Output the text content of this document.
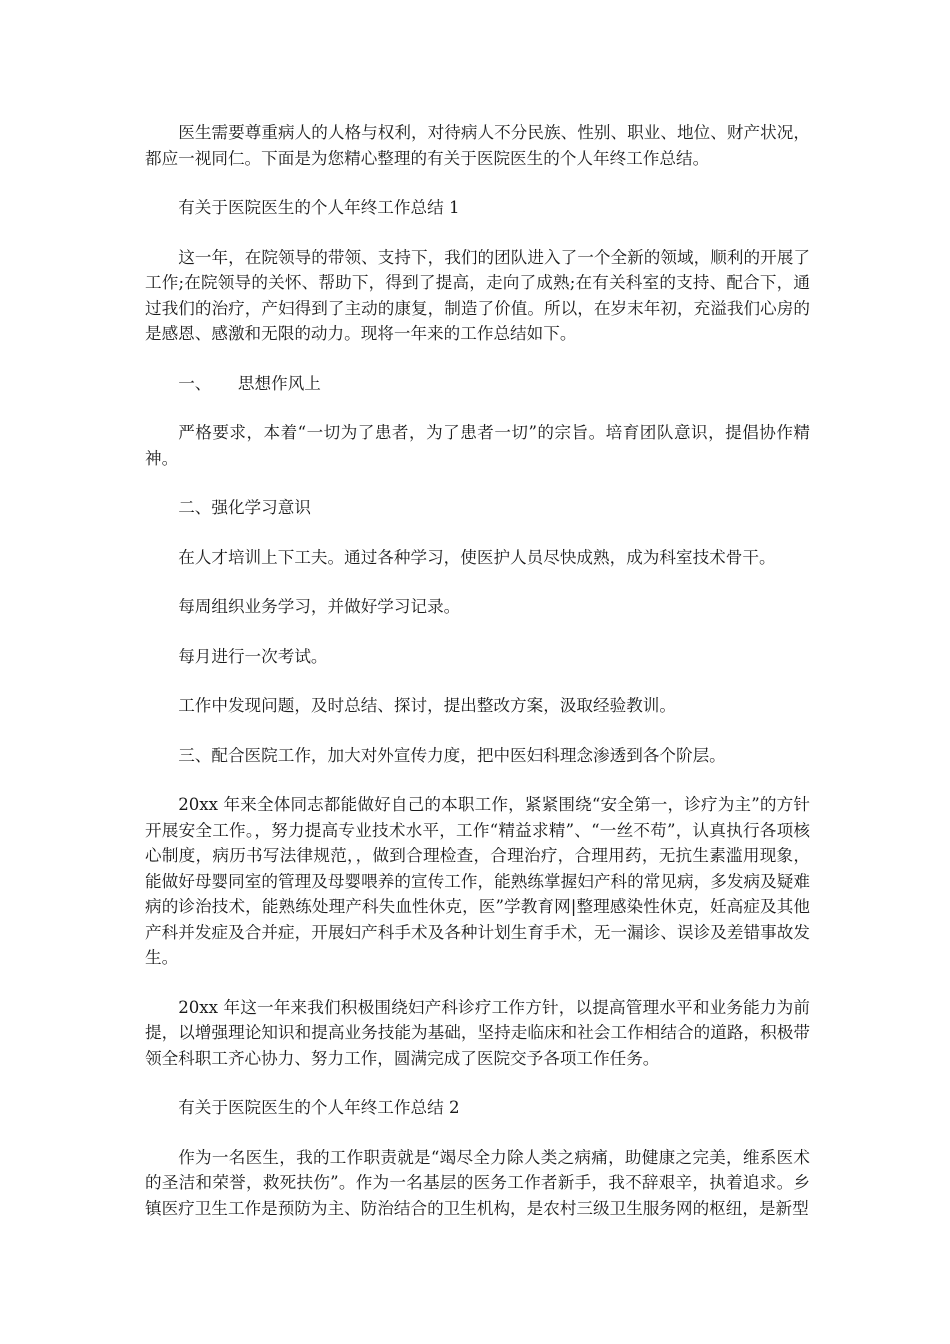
医生需要尊重病人的人格与权利，对待病人不分民族、性别、职业、地位、财产状况，都应一视同仁。下面是为您精心整理的有关于医院医生的个人年终工作总结。

有关于医院医生的个人年终工作总结 1

这一年，在院领导的带领、支持下，我们的团队进入了一个全新的领域，顺利的开展了工作;在院领导的关怀、帮助下，得到了提高，走向了成熟;在有关科室的支持、配合下，通过我们的治疗，产妇得到了主动的康复，制造了价值。所以，在岁末年初，充溢我们心房的是感恩、感激和无限的动力。现将一年来的工作总结如下。

一、 思想作风上

严格要求，本着“一切为了患者，为了患者一切”的宗旨。培育团队意识，提倡协作精神。

二、强化学习意识

在人才培训上下工夫。通过各种学习，使医护人员尽快成熟，成为科室技术骨干。

每周组织业务学习，并做好学习记录。

每月进行一次考试。

工作中发现问题，及时总结、探讨，提出整改方案，汲取经验教训。

三、配合医院工作，加大对外宣传力度，把中医妇科理念渗透到各个阶层。

20xx 年来全体同志都能做好自己的本职工作，紧紧围绕“安全第一，诊疗为主”的方针开展安全工作。，努力提高专业技术水平，工作“精益求精”、“一丝不苟”，认真执行各项核心制度，病历书写法律规范，，做到合理检查，合理治疗，合理用药，无抗生素滥用现象，能做好母婴同室的管理及母婴喂养的宣传工作，能熟练掌握妇产科的常见病，多发病及疑难病的诊治技术，能熟练处理产科失血性休克，医”学教育网|整理感染性休克，妊高症及其他产科并发症及合并症，开展妇产科手术及各种计划生育手术，无一漏诊、误诊及差错事故发生。

20xx 年这一年来我们积极围绕妇产科诊疗工作方针，以提高管理水平和业务能力为前提，以增强理论知识和提高业务技能为基础，坚持走临床和社会工作相结合的道路，积极带领全科职工齐心协力、努力工作，圆满完成了医院交予各项工作任务。

有关于医院医生的个人年终工作总结 2

作为一名医生，我的工作职责就是“竭尽全力除人类之病痛，助健康之完美，维系医术的圣洁和荣誉，救死扶伤”。作为一名基层的医务工作者新手，我不辞艰辛，执着追求。乡镇医疗卫生工作是预防为主、防治结合的卫生机构，是农村三级卫生服务网的枢纽，是新型
